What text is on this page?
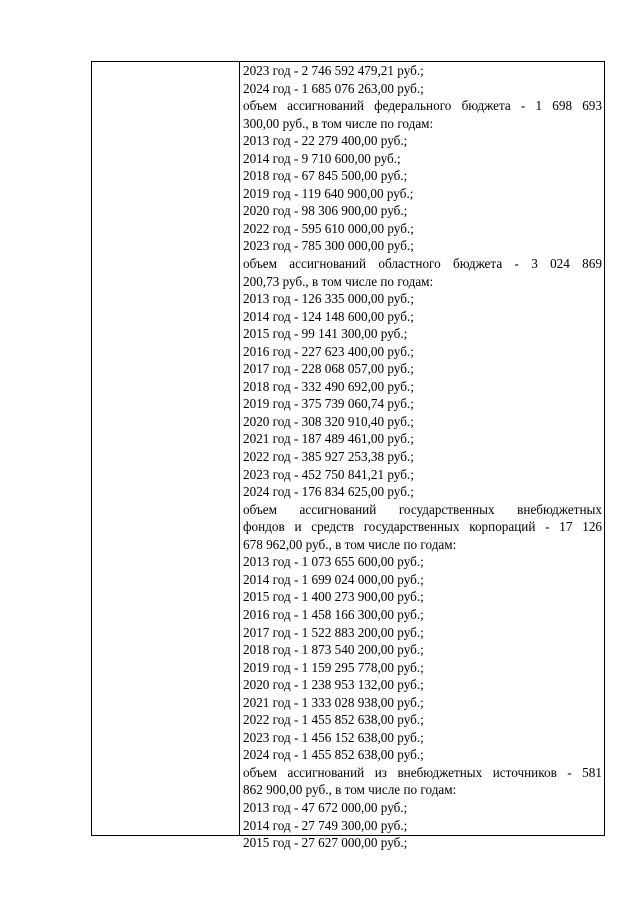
2023 год - 2 746 592 479,21 руб.;
2024 год - 1 685 076 263,00 руб.;
объем ассигнований федерального бюджета - 1 698 693
300,00 руб., в том числе по годам:
2013 год - 22 279 400,00 руб.;
2014 год - 9 710 600,00 руб.;
2018 год - 67 845 500,00 руб.;
2019 год - 119 640 900,00 руб.;
2020 год - 98 306 900,00 руб.;
2022 год - 595 610 000,00 руб.;
2023 год - 785 300 000,00 руб.;
объем ассигнований областного бюджета - 3 024 869
200,73 руб., в том числе по годам:
2013 год - 126 335 000,00 руб.;
2014 год - 124 148 600,00 руб.;
2015 год - 99 141 300,00 руб.;
2016 год - 227 623 400,00 руб.;
2017 год - 228 068 057,00 руб.;
2018 год - 332 490 692,00 руб.;
2019 год - 375 739 060,74 руб.;
2020 год - 308 320 910,40 руб.;
2021 год - 187 489 461,00 руб.;
2022 год - 385 927 253,38 руб.;
2023 год - 452 750 841,21 руб.;
2024 год - 176 834 625,00 руб.;
объем ассигнований государственных внебюджетных
фондов и средств государственных корпораций - 17 126
678 962,00 руб., в том числе по годам:
2013 год - 1 073 655 600,00 руб.;
2014 год - 1 699 024 000,00 руб.;
2015 год - 1 400 273 900,00 руб.;
2016 год - 1 458 166 300,00 руб.;
2017 год - 1 522 883 200,00 руб.;
2018 год - 1 873 540 200,00 руб.;
2019 год - 1 159 295 778,00 руб.;
2020 год - 1 238 953 132,00 руб.;
2021 год - 1 333 028 938,00 руб.;
2022 год - 1 455 852 638,00 руб.;
2023 год - 1 456 152 638,00 руб.;
2024 год - 1 455 852 638,00 руб.;
объем ассигнований из внебюджетных источников - 581
862 900,00 руб., в том числе по годам:
2013 год - 47 672 000,00 руб.;
2014 год - 27 749 300,00 руб.;
2015 год - 27 627 000,00 руб.;
